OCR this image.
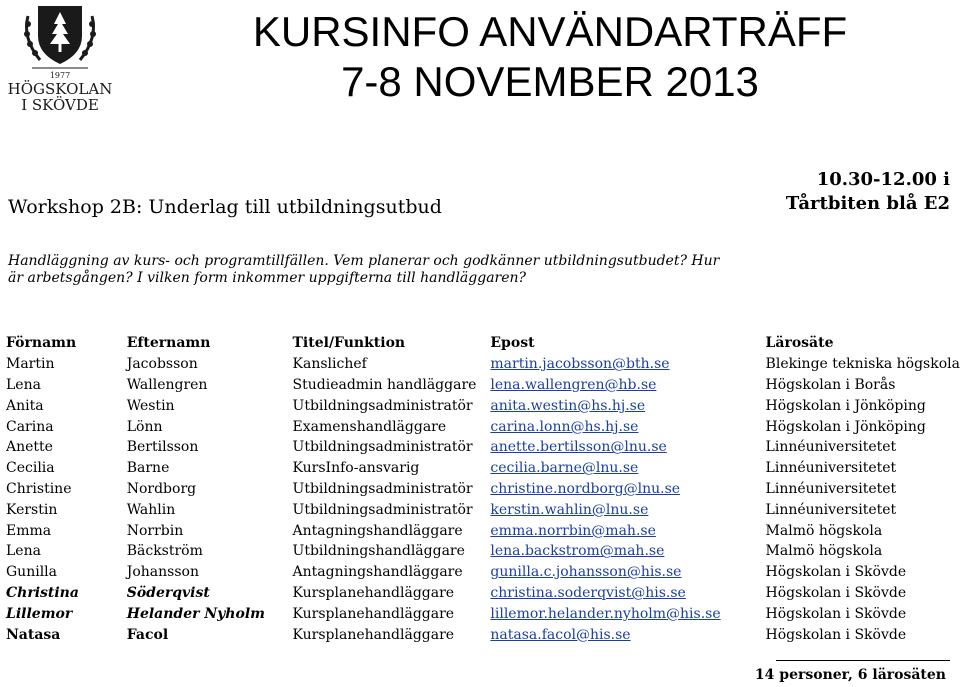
1977
HÖGSKOLAN
I SKÖVDE
KURSINFO ANVÄNDARTRÄFF
7-8 NOVEMBER 2013
10.30-12.00 i
Tårtbiten blå E2
Workshop 2B: Underlag till utbildningsutbud
Handläggning av kurs- och programtillfällen. Vem planerar och godkänner utbildningsutbudet? Hur är arbetsgången? I vilken form inkommer uppgifterna till handläggaren?
Förnamn	Efternamn	Titel/Funktion	Epost	Lärosäte
Martin	Jacobsson	Kanslichef	martin.jacobsson@bth.se	Blekinge tekniska högskola
Lena	Wallengren	Studieadmin handläggare	lena.wallengren@hb.se	Högskolan i Borås
Anita	Westin	Utbildningsadministratör	anita.westin@hs.hj.se	Högskolan i Jönköping
Carina	Lönn	Examenshandläggare	carina.lonn@hs.hj.se	Högskolan i Jönköping
Anette	Bertilsson	Utbildningsadministratör	anette.bertilsson@lnu.se	Linnéuniversitetet
Cecilia	Barne	KursInfo-ansvarig	cecilia.barne@lnu.se	Linnéuniversitetet
Christine	Nordborg	Utbildningsadministratör	christine.nordborg@lnu.se	Linnéuniversitetet
Kerstin	Wahlin	Utbildningsadministratör	kerstin.wahlin@lnu.se	Linnéuniversitetet
Emma	Norrbin	Antagningshandläggare	emma.norrbin@mah.se	Malmö högskola
Lena	Bäckström	Utbildningshandläggare	lena.backstrom@mah.se	Malmö högskola
Gunilla	Johansson	Antagningshandläggare	gunilla.c.johansson@his.se	Högskolan i Skövde
Christina	Söderqvist	Kursplanehandläggare	christina.soderqvist@his.se	Högskolan i Skövde
Lillemor	Helander Nyholm	Kursplanehandläggare	lillemor.helander.nyholm@his.se	Högskolan i Skövde
Natasa	Facol	Kursplanehandläggare	natasa.facol@his.se	Högskolan i Skövde
14 personer, 6 lärosäten
